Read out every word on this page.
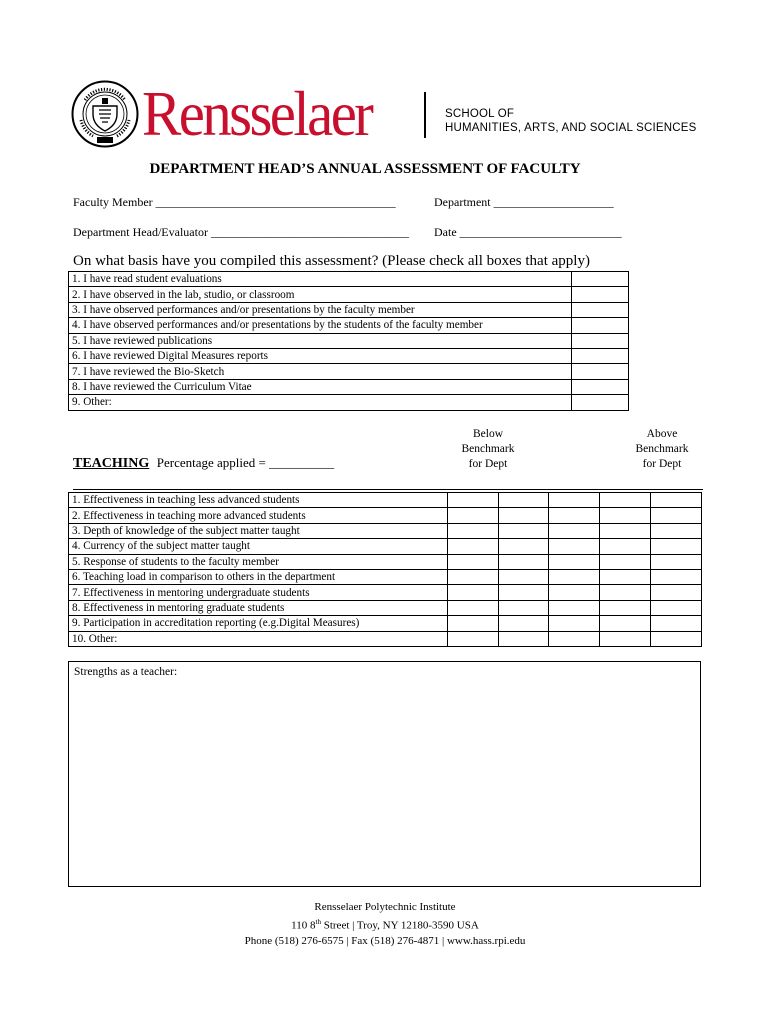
Rensselaer	SCHOOL OF
HUMANITIES, ARTS, AND SOCIAL SCIENCES
DEPARTMENT HEAD’S ANNUAL ASSESSMENT OF FACULTY
Faculty Member ________________________________________	Department ____________________
Department Head/Evaluator _________________________________ Date ___________________________
On what basis have you compiled this assessment? (Please check all boxes that apply)
1. I have read student evaluations	
2. I have observed in the lab, studio, or classroom	
3. I have observed performances and/or presentations by the faculty member	
4. I have observed performances and/or presentations by the students of the faculty member	
5. I have reviewed publications	
6. I have reviewed Digital Measures reports	
7. I have reviewed the Bio-Sketch	
8. I have reviewed the Curriculum Vitae	
9. Other:	
Below
Benchmark
for Dept
Above
Benchmark
for Dept
TEACHING Percentage applied = __________
1. Effectiveness in teaching less advanced students					
2. Effectiveness in teaching more advanced students					
3. Depth of knowledge of the subject matter taught					
4. Currency of the subject matter taught					
5. Response of students to the faculty member					
6. Teaching load in comparison to others in the department					
7. Effectiveness in mentoring undergraduate students					
8. Effectiveness in mentoring graduate students					
9. Participation in accreditation reporting (e.g.Digital Measures)					
10. Other:					
Strengths as a teacher:
Rensselaer Polytechnic Institute
110 8th Street | Troy, NY 12180-3590 USA
Phone (518) 276-6575 | Fax (518) 276-4871 | www.hass.rpi.edu
